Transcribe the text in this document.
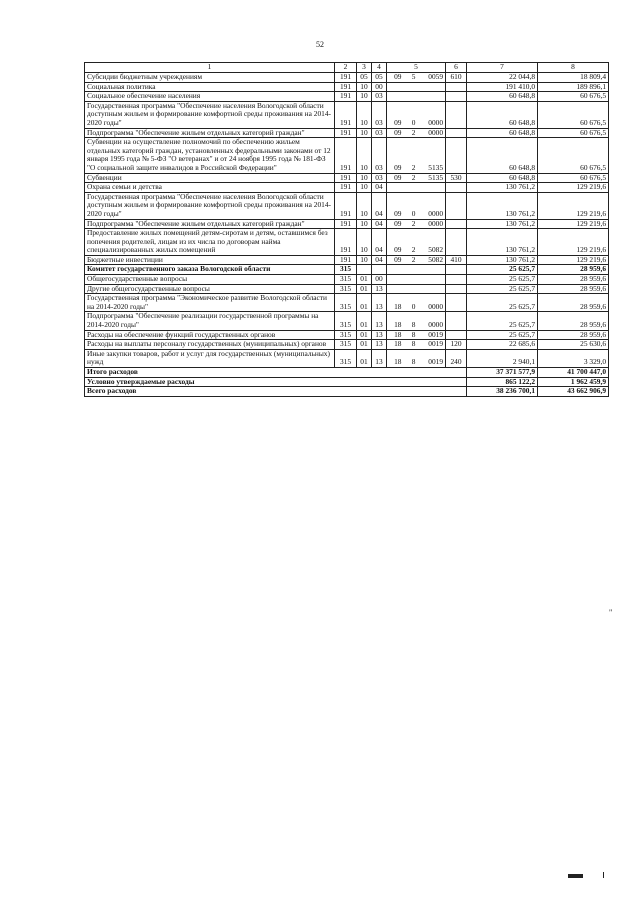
52
1	2	3	4	5			6	7	8
Субсидии бюджетным учреждениям	191	05	05	09	5	0059	610	22 044,8	18 809,4
Социальная политика	191	10	00					191 410,0	189 896,1
Социальное обеспечение населения	191	10	03					60 648,8	60 676,5
Государственная программа "Обеспечение населения Вологодской области доступным жильем и формирование комфортной среды проживания на 2014-2020 годы"	191	10	03	09	0	0000		60 648,8	60 676,5
Подпрограмма "Обеспечение жильем отдельных категорий граждан"	191	10	03	09	2	0000		60 648,8	60 676,5
Субвенции на осуществление полномочий по обеспечению жильем отдельных категорий граждан, установленных федеральными законами от 12 января 1995 года № 5-ФЗ "О ветеранах" и от 24 ноября 1995 года № 181-ФЗ "О социальной защите инвалидов в Российской Федерации"	191	10	03	09	2	5135		60 648,8	60 676,5
Субвенции	191	10	03	09	2	5135	530	60 648,8	60 676,5
Охрана семьи и детства	191	10	04					130 761,2	129 219,6
Государственная программа "Обеспечение населения Вологодской области доступным жильем и формирование комфортной среды проживания на 2014-2020 годы"	191	10	04	09	0	0000		130 761,2	129 219,6
Подпрограмма "Обеспечение жильем отдельных категорий граждан"	191	10	04	09	2	0000		130 761,2	129 219,6
Предоставление жилых помещений детям-сиротам и детям, оставшимся без попечения родителей, лицам из их числа по договорам найма специализированных жилых помещений	191	10	04	09	2	5082		130 761,2	129 219,6
Бюджетные инвестиции	191	10	04	09	2	5082	410	130 761,2	129 219,6
Комитет государственного заказа Вологодской области	315							25 625,7	28 959,6
Общегосударственные вопросы	315	01	00					25 625,7	28 959,6
Другие общегосударственные вопросы	315	01	13					25 625,7	28 959,6
Государственная программа "Экономическое развитие Вологодской области на 2014-2020 годы"	315	01	13	18	0	0000		25 625,7	28 959,6
Подпрограмма "Обеспечение реализации государственной программы на 2014-2020 годы"	315	01	13	18	8	0000		25 625,7	28 959,6
Расходы на обеспечение функций государственных органов	315	01	13	18	8	0019		25 625,7	28 959,6
Расходы на выплаты персоналу государственных (муниципальных) органов	315	01	13	18	8	0019	120	22 685,6	25 630,6
Иные закупки товаров, работ и услуг для государственных (муниципальных) нужд	315	01	13	18	8	0019	240	2 940,1	3 329,0
Итого расходов								37 371 577,9	41 700 447,0
Условно утверждаемые расходы								865 122,2	1 962 459,9
Всего расходов								38 236 700,1	43 662 906,9
"
